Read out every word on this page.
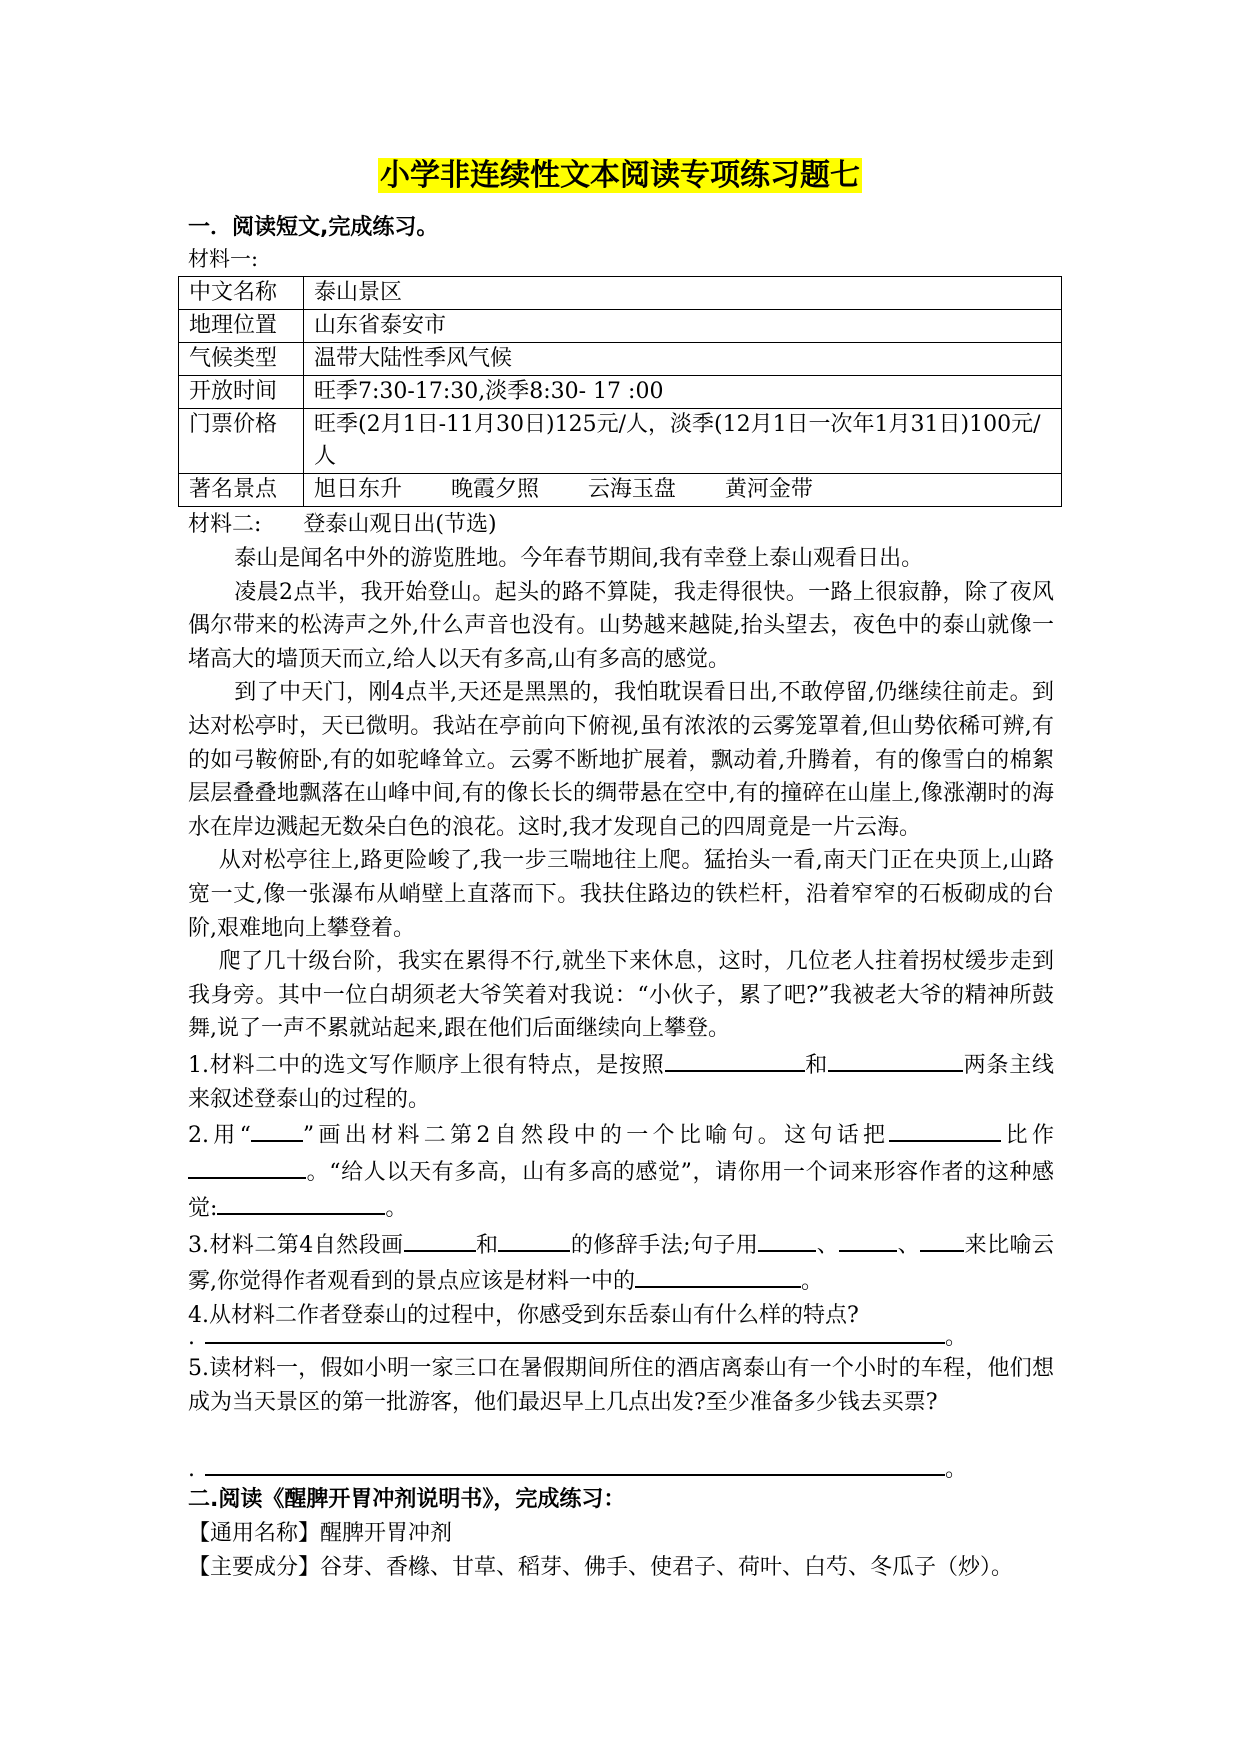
小学非连续性文本阅读专项练习题七
一．阅读短文,完成练习。
材料一:
中文名称	泰山景区
地理位置	山东省泰安市
气候类型	温带大陆性季风气候
开放时间	旺季7:30-17:30,淡季8:30- 17 :00
门票价格	旺季(2月1日-11月30日)125元/人，淡季(12月1日一次年1月31日)100元/人
著名景点	旭日东升       晚霞夕照       云海玉盘       黄河金带
材料二:      登泰山观日出(节选)

泰山是闻名中外的游览胜地。今年春节期间,我有幸登上泰山观看日出。

凌晨2点半，我开始登山。起头的路不算陡，我走得很快。一路上很寂静，除了夜风偶尔带来的松涛声之外,什么声音也没有。山势越来越陡,抬头望去，夜色中的泰山就像一堵高大的墙顶天而立,给人以天有多高,山有多高的感觉。

到了中天门，刚4点半,天还是黑黑的，我怕耽误看日出,不敢停留,仍继续往前走。到达对松亭时，天已微明。我站在亭前向下俯视,虽有浓浓的云雾笼罩着,但山势依稀可辨,有的如弓鞍俯卧,有的如驼峰耸立。云雾不断地扩展着，飘动着,升腾着，有的像雪白的棉絮层层叠叠地飘落在山峰中间,有的像长长的绸带悬在空中,有的撞碎在山崖上,像涨潮时的海水在岸边溅起无数朵白色的浪花。这时,我才发现自己的四周竟是一片云海。

从对松亭往上,路更险峻了,我一步三喘地往上爬。猛抬头一看,南天门正在央顶上,山路宽一丈,像一张瀑布从峭壁上直落而下。我扶住路边的铁栏杆，沿着窄窄的石板砌成的台阶,艰难地向上攀登着。

爬了几十级台阶，我实在累得不行,就坐下来休息，这时，几位老人拄着拐杖缓步走到我身旁。其中一位白胡须老大爷笑着对我说：“小伙子，累了吧?”我被老大爷的精神所鼓舞,说了一声不累就站起来,跟在他们后面继续向上攀登。

1.材料二中的选文写作顺序上很有特点，是按照	和	两条主线来叙述登泰山的过程的。

2.用“ ”画出材料二第2自然段中的一个比喻句。这句话把	比作。“给人以天有多高，山有多高的感觉”，请你用一个词来形容作者的这种感觉:	。

3.材料二第4自然段画	和	的修辞手法;句子用	、	、 来比喻云雾,你觉得作者观看到的景点应该是材料一中的	。

4.从材料二作者登泰山的过程中，你感受到东岳泰山有什么样的特点?

.	。

5.读材料一，假如小明一家三口在暑假期间所住的酒店离泰山有一个小时的车程，他们想成为当天景区的第一批游客，他们最迟早上几点出发?至少准备多少钱去买票?

.	。
二.阅读《醒脾开胃冲剂说明书》，完成练习：

【通用名称】醒脾开胃冲剂

【主要成分】谷芽、香橼、甘草、稻芽、佛手、使君子、荷叶、白芍、冬瓜子（炒）。
